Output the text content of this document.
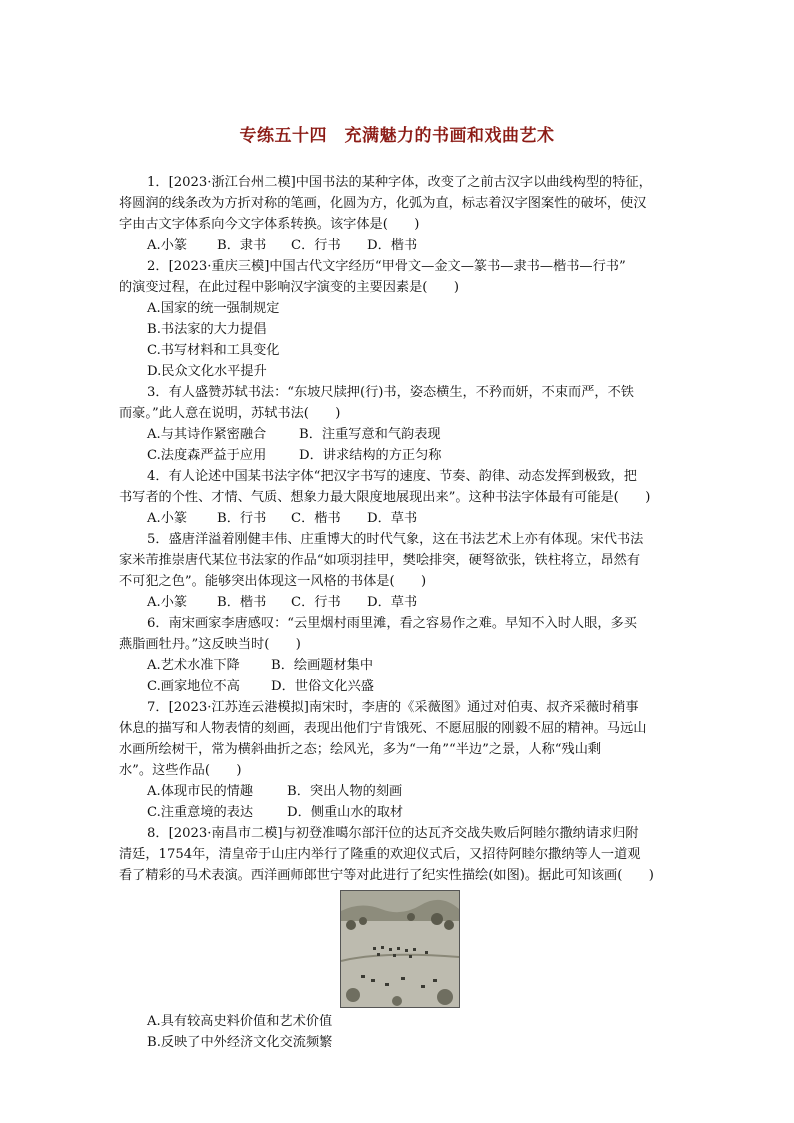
专练五十四　充满魅力的书画和戏曲艺术
1．[2023·浙江台州二模]中国书法的某种字体，改变了之前古汉字以曲线构型的特征，
将圆润的线条改为方折对称的笔画，化圆为方，化弧为直，标志着汉字图案性的破坏，使汉
字由古文字体系向今文字体系转换。该字体是(　　)
A.小篆 B．隶书 C．行书 D．楷书
2．[2023·重庆三模]中国古代文字经历“甲骨文—金文—篆书—隶书—楷书—行书”
的演变过程，在此过程中影响汉字演变的主要因素是(　　)
A.国家的统一强制规定
B.书法家的大力提倡
C.书写材料和工具变化
D.民众文化水平提升
3．有人盛赞苏轼书法：“东坡尺牍押(行)书，姿态横生，不矜而妍，不束而严，不铁
而豪。”此人意在说明，苏轼书法(　　)
A.与其诗作紧密融合 B．注重写意和气韵表现
C.法度森严益于应用 D．讲求结构的方正匀称
4．有人论述中国某书法字体“把汉字书写的速度、节奏、韵律、动态发挥到极致，把
书写者的个性、才情、气质、想象力最大限度地展现出来”。这种书法字体最有可能是(　　)
A.小篆 B．行书 C．楷书 D．草书
5．盛唐洋溢着刚健丰伟、庄重博大的时代气象，这在书法艺术上亦有体现。宋代书法
家米芾推崇唐代某位书法家的作品“如项羽挂甲，樊哙排突，硬弩欲张，铁柱将立，昂然有
不可犯之色”。能够突出体现这一风格的书体是(　　)
A.小篆 B．楷书 C．行书 D．草书
6．南宋画家李唐感叹：“云里烟村雨里滩，看之容易作之难。早知不入时人眼，多买
燕脂画牡丹。”这反映当时(　　)
A.艺术水准下降 B．绘画题材集中
C.画家地位不高 D．世俗文化兴盛
7．[2023·江苏连云港模拟]南宋时，李唐的《采薇图》通过对伯夷、叔齐采薇时稍事
休息的描写和人物表情的刻画，表现出他们宁肯饿死、不愿屈服的刚毅不屈的精神。马远山
水画所绘树干，常为横斜曲折之态；绘风光，多为“一角”“半边”之景，人称“残山剩
水”。这些作品(　　)
A.体现市民的情趣	B．突出人物的刻画
C.注重意境的表达	D．侧重山水的取材
8．[2023·南昌市二模]与初登准噶尔部汗位的达瓦齐交战失败后阿睦尔撒纳请求归附
清廷，1754年，清皇帝于山庄内举行了隆重的欢迎仪式后，又招待阿睦尔撒纳等人一道观
看了精彩的马术表演。西洋画师郎世宁等对此进行了纪实性描绘(如图)。据此可知该画(　　)
A.具有较高史料价值和艺术价值
B.反映了中外经济文化交流频繁
